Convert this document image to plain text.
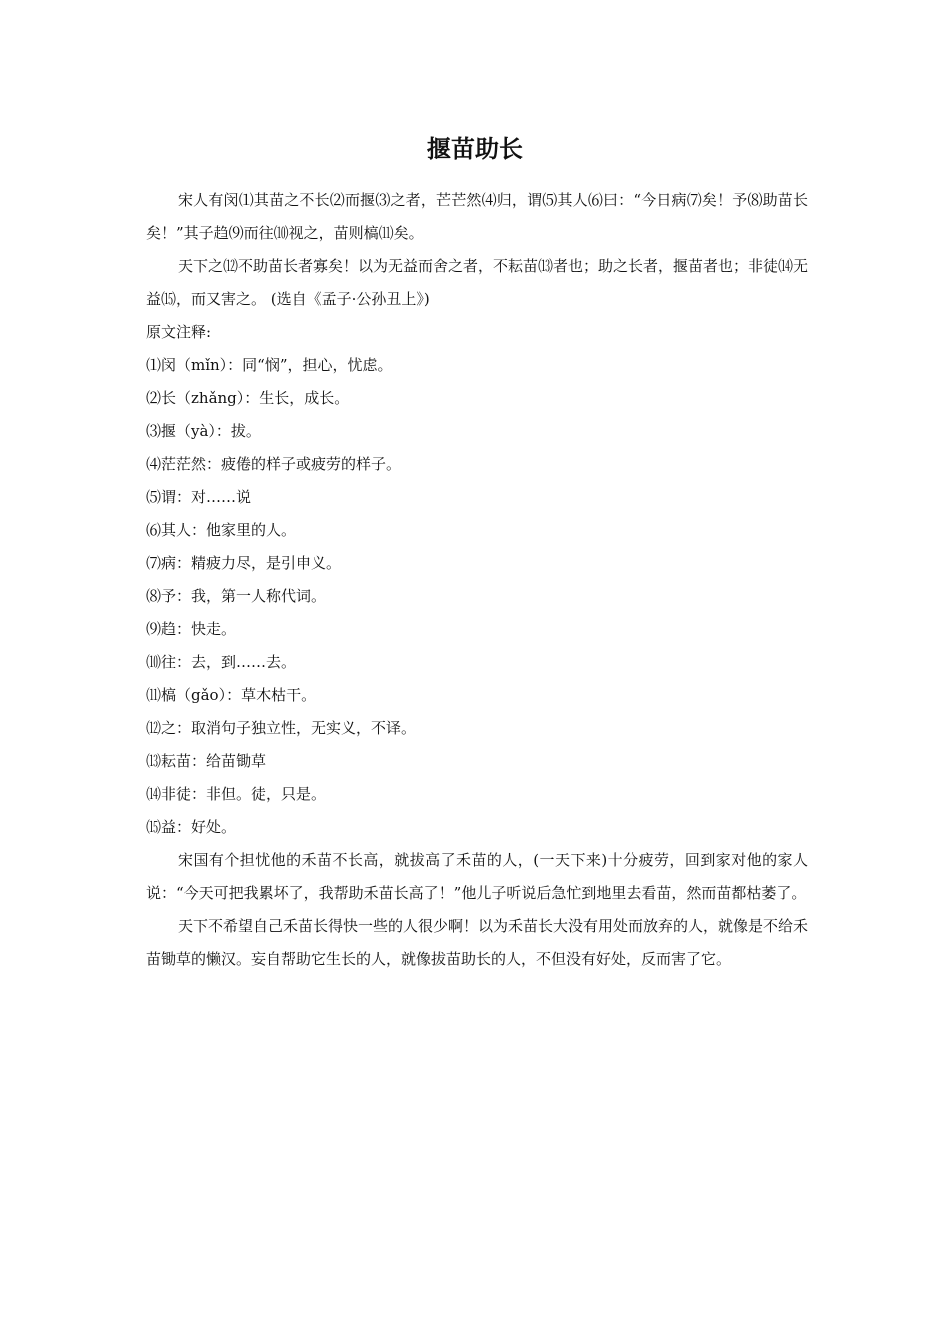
揠苗助长

宋人有闵⑴其苗之不长⑵而揠⑶之者，芒芒然⑷归，谓⑸其人⑹曰：“今日病⑺矣！予⑻助苗长矣！”其子趋⑼而往⑽视之，苗则槁⑾矣。

天下之⑿不助苗长者寡矣！以为无益而舍之者，不耘苗⒀者也；助之长者，揠苗者也；非徒⒁无益⒂，而又害之。 (选自《孟子·公孙丑上》)

原文注释:

⑴闵（mǐn）：同“悯”，担心，忧虑。

⑵长（zhǎng）：生长，成长。

⑶揠（yà）：拔。

⑷茫茫然：疲倦的样子或疲劳的样子。

⑸谓：对……说

⑹其人：他家里的人。

⑺病：精疲力尽，是引申义。

⑻予：我，第一人称代词。

⑼趋：快走。

⑽往：去，到……去。

⑾槁（gǎo）：草木枯干。

⑿之：取消句子独立性，无实义，不译。

⒀耘苗：给苗锄草

⒁非徒：非但。徒，只是。

⒂益：好处。

宋国有个担忧他的禾苗不长高，就拔高了禾苗的人，(一天下来)十分疲劳，回到家对他的家人说：“今天可把我累坏了，我帮助禾苗长高了！”他儿子听说后急忙到地里去看苗，然而苗都枯萎了。

天下不希望自己禾苗长得快一些的人很少啊！以为禾苗长大没有用处而放弃的人，就像是不给禾苗锄草的懒汉。妄自帮助它生长的人，就像拔苗助长的人，不但没有好处，反而害了它。
